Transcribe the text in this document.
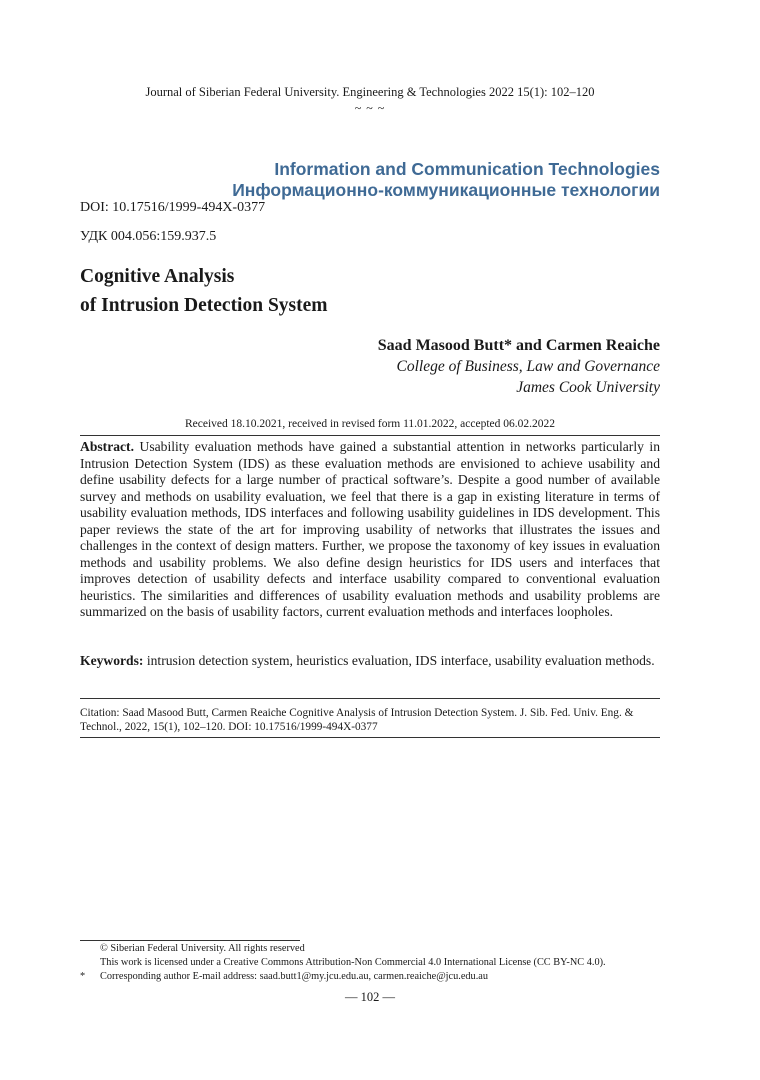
Journal of Siberian Federal University. Engineering & Technologies 2022 15(1): 102–120
~ ~ ~
Information and Communication Technologies
Информационно-коммуникационные технологии
DOI: 10.17516/1999-494X-0377
УДК 004.056:159.937.5
Cognitive Analysis
of Intrusion Detection System
Saad Masood Butt* and Carmen Reaiche
College of Business, Law and Governance
James Cook University
Received 18.10.2021, received in revised form 11.01.2022, accepted 06.02.2022
Abstract. Usability evaluation methods have gained a substantial attention in networks particularly in Intrusion Detection System (IDS) as these evaluation methods are envisioned to achieve usability and define usability defects for a large number of practical software’s. Despite a good number of available survey and methods on usability evaluation, we feel that there is a gap in existing literature in terms of usability evaluation methods, IDS interfaces and following usability guidelines in IDS development. This paper reviews the state of the art for improving usability of networks that illustrates the issues and challenges in the context of design matters. Further, we propose the taxonomy of key issues in evaluation methods and usability problems. We also define design heuristics for IDS users and interfaces that improves detection of usability defects and interface usability compared to conventional evaluation heuristics. The similarities and differences of usability evaluation methods and usability problems are summarized on the basis of usability factors, current evaluation methods and interfaces loopholes.
Keywords: intrusion detection system, heuristics evaluation, IDS interface, usability evaluation methods.
Citation: Saad Masood Butt, Carmen Reaiche Cognitive Analysis of Intrusion Detection System. J. Sib. Fed. Univ. Eng. & Technol., 2022, 15(1), 102–120. DOI: 10.17516/1999-494X-0377
© Siberian Federal University. All rights reserved
This work is licensed under a Creative Commons Attribution-Non Commercial 4.0 International License (CC BY-NC 4.0).
* Corresponding author E-mail address: saad.butt1@my.jcu.edu.au, carmen.reaiche@jcu.edu.au
— 102 —
